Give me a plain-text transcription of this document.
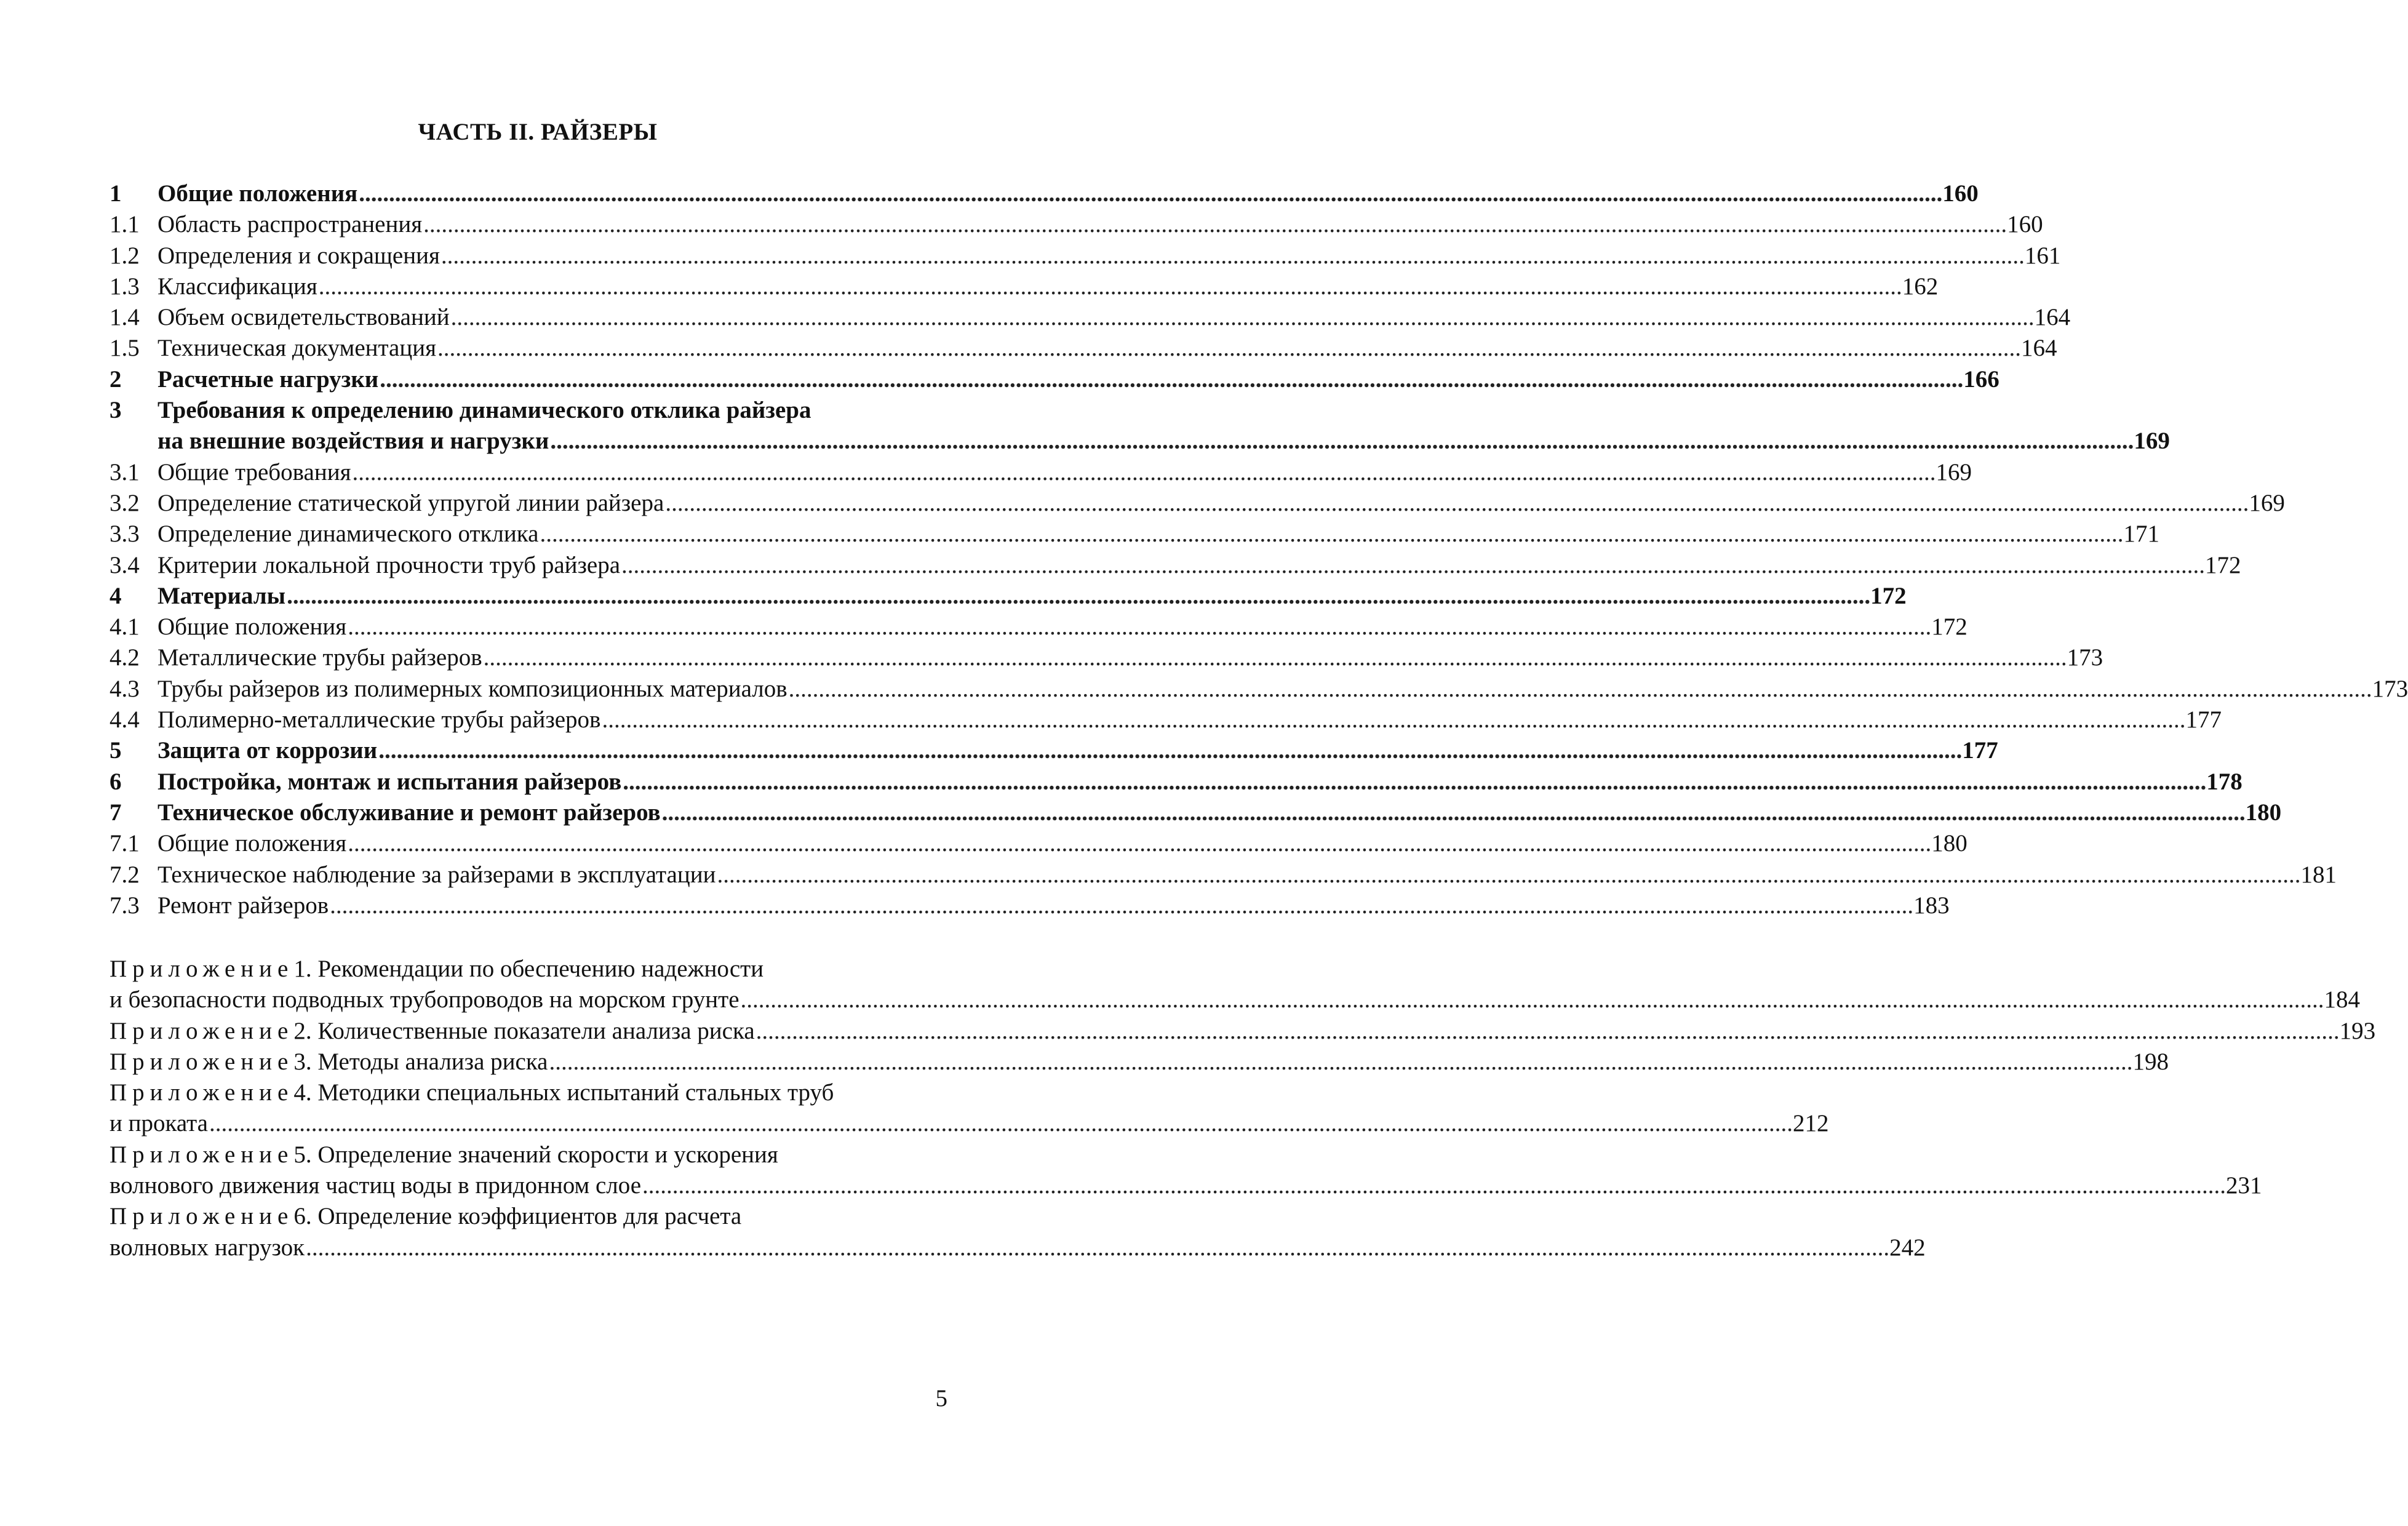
ЧАСТЬ II. РАЙЗЕРЫ
1	Общие положения .....	160
1.1 Область распространения .....	160
1.2 Определения и сокращения .....	161
1.3 Классификация .....	162
1.4 Объем освидетельствований .....	164
1.5 Техническая документация .....	164
2	Расчетные нагрузки .....	166
3	Требования к определению динамического отклика райзера
на внешние воздействия и нагрузки .....	169
3.1 Общие требования .....	169
3.2 Определение статической упругой линии райзера .....	169
3.3 Определение динамического отклика .....	171
3.4 Критерии локальной прочности труб райзера .....	172
4	Материалы .....	172
4.1 Общие положения .....	172
4.2 Металлические трубы райзеров .....	173
4.3 Трубы райзеров из полимерных композиционных материалов .....	173
4.4 Полимерно-металлические трубы райзеров .....	177
5	Защита от коррозии .....	177
6	Постройка, монтаж и испытания райзеров .....	178
7	Техническое обслуживание и ремонт райзеров .....	180
7.1 Общие положения .....	180
7.2 Техническое наблюдение за райзерами в эксплуатации .....	181
7.3 Ремонт райзеров .....	183
Приложение 1. Рекомендации по обеспечению надежности
и безопасности подводных трубопроводов на морском грунте .....	184
Приложение 2. Количественные показатели анализа риска .....	193
Приложение 3. Методы анализа риска .....	198
Приложение 4. Методики специальных испытаний стальных труб
и проката .....	212
Приложение 5. Определение значений скорости и ускорения
волнового движения частиц воды в придонном слое .....	231
Приложение 6. Определение коэффициентов для расчета
волновых нагрузок .....	242
5
